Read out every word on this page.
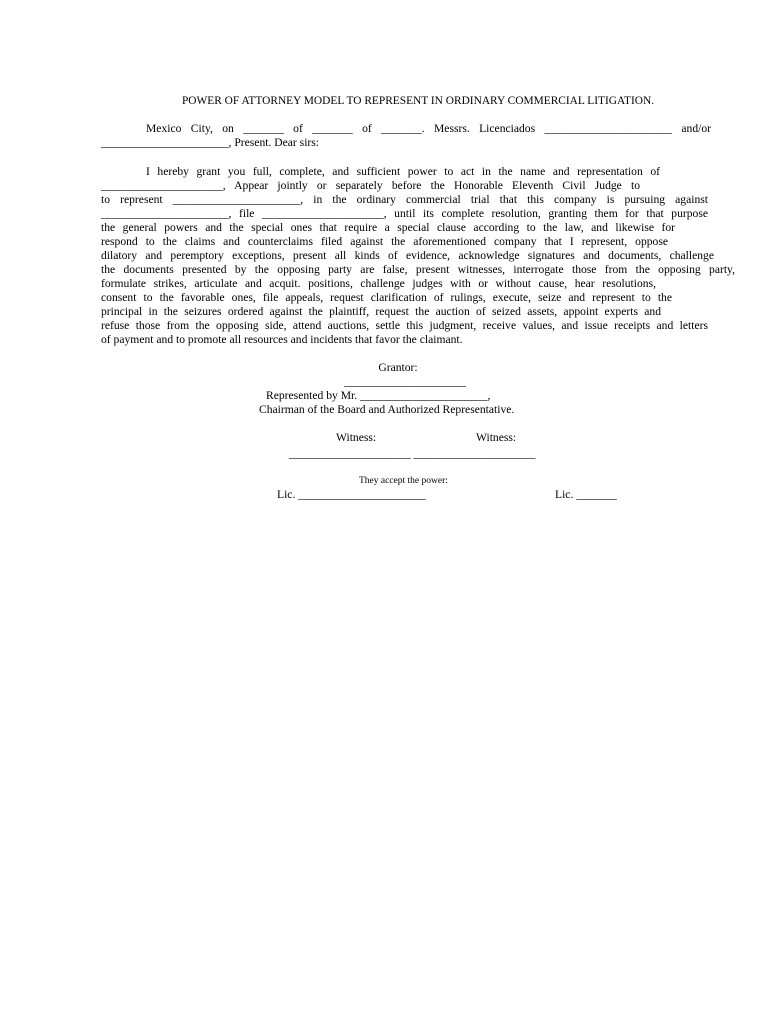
POWER OF ATTORNEY MODEL TO REPRESENT IN ORDINARY COMMERCIAL LITIGATION.
Mexico City, on _______ of _______ of _______. Messrs. Licenciados ______________________ and/or
______________________, Present. Dear sirs:
I hereby grant you full, complete, and sufficient power to act in the name and representation of
_____________________, Appear jointly or separately before the Honorable Eleventh Civil Judge to
to represent ______________________, in the ordinary commercial trial that this company is pursuing against
______________________, file _____________________, until its complete resolution, granting them for that purpose
the general powers and the special ones that require a special clause according to the law, and likewise for
respond to the claims and counterclaims filed against the aforementioned company that I represent, oppose
dilatory and peremptory exceptions, present all kinds of evidence, acknowledge signatures and documents, challenge
the documents presented by the opposing party are false, present witnesses, interrogate those from the opposing party,
formulate strikes, articulate and acquit. positions, challenge judges with or without cause, hear resolutions,
consent to the favorable ones, file appeals, request clarification of rulings, execute, seize and represent to the
principal in the seizures ordered against the plaintiff, request the auction of seized assets, appoint experts and
refuse those from the opposing side, attend auctions, settle this judgment, receive values, and issue receipts and letters
of payment and to promote all resources and incidents that favor the claimant.
Grantor:
_____________________
Represented by Mr. ______________________,
Chairman of the Board and Authorized Representative.
Witness:	Witness:
_____________________ _____________________
They accept the power:
Lic. ______________________	Lic. _______
